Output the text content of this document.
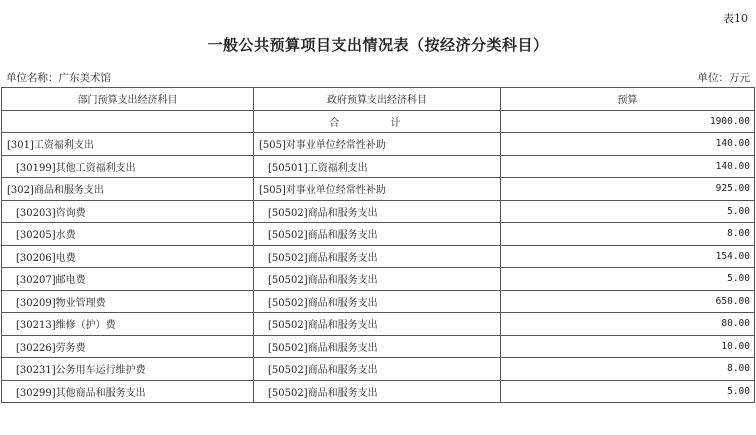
表10
一般公共预算项目支出情况表（按经济分类科目）
单位名称：广东美术馆	单位：万元
部门预算支出经济科目	政府预算支出经济科目	预算
	合 计	1900.00
[301]工资福利支出	[505]对事业单位经常性补助	140.00
[30199]其他工资福利支出	[50501]工资福利支出	140.00
[302]商品和服务支出	[505]对事业单位经常性补助	925.00
[30203]咨询费	[50502]商品和服务支出	5.00
[30205]水费	[50502]商品和服务支出	8.00
[30206]电费	[50502]商品和服务支出	154.00
[30207]邮电费	[50502]商品和服务支出	5.00
[30209]物业管理费	[50502]商品和服务支出	650.00
[30213]维修（护）费	[50502]商品和服务支出	80.00
[30226]劳务费	[50502]商品和服务支出	10.00
[30231]公务用车运行维护费	[50502]商品和服务支出	8.00
[30299]其他商品和服务支出	[50502]商品和服务支出	5.00
